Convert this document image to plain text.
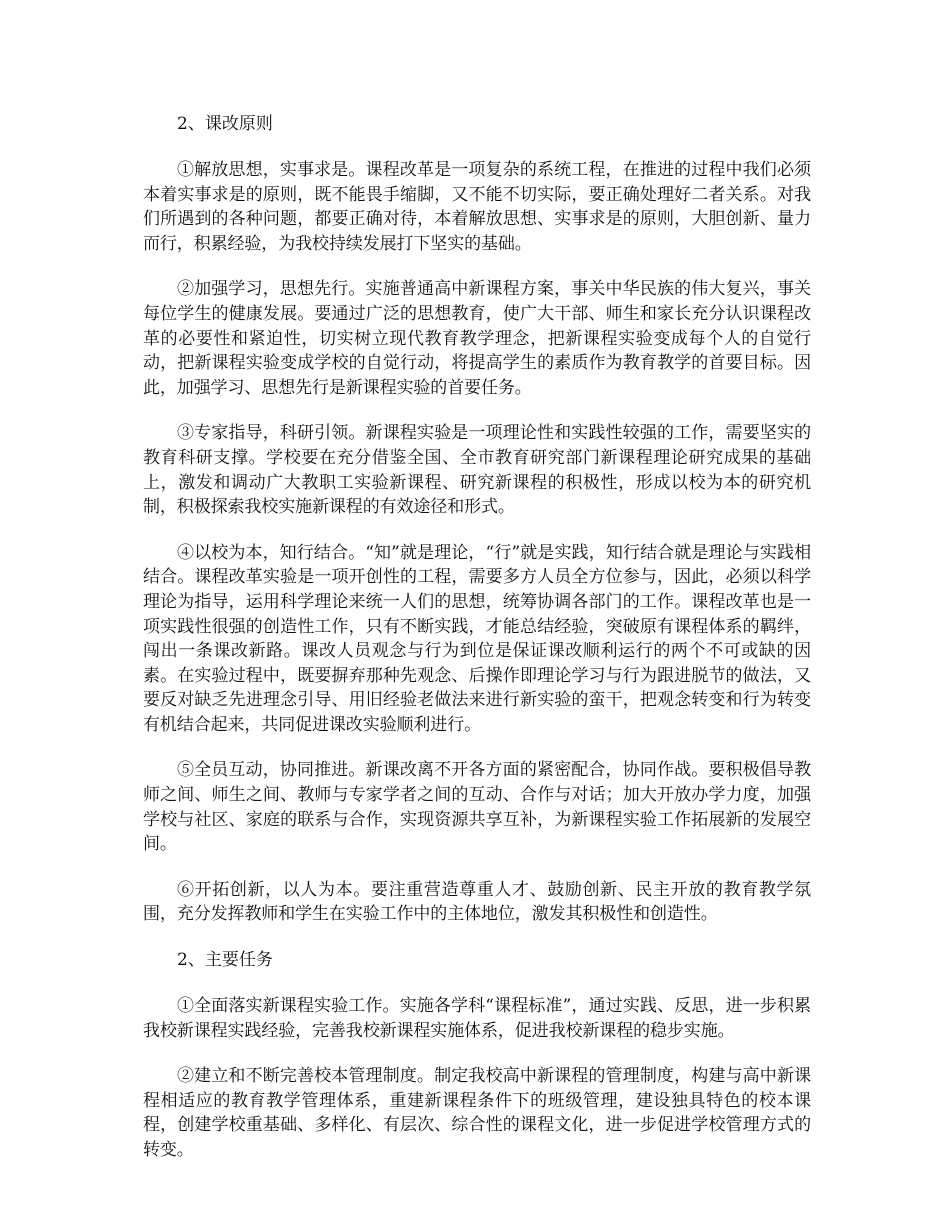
2、课改原则

①解放思想，实事求是。课程改革是一项复杂的系统工程，在推进的过程中我们必须本着实事求是的原则，既不能畏手缩脚，又不能不切实际，要正确处理好二者关系。对我们所遇到的各种问题，都要正确对待，本着解放思想、实事求是的原则，大胆创新、量力而行，积累经验，为我校持续发展打下坚实的基础。

②加强学习，思想先行。实施普通高中新课程方案，事关中华民族的伟大复兴，事关每位学生的健康发展。要通过广泛的思想教育，使广大干部、师生和家长充分认识课程改革的必要性和紧迫性，切实树立现代教育教学理念，把新课程实验变成每个人的自觉行动，把新课程实验变成学校的自觉行动，将提高学生的素质作为教育教学的首要目标。因此，加强学习、思想先行是新课程实验的首要任务。

③专家指导，科研引领。新课程实验是一项理论性和实践性较强的工作，需要坚实的教育科研支撑。学校要在充分借鉴全国、全市教育研究部门新课程理论研究成果的基础上，激发和调动广大教职工实验新课程、研究新课程的积极性，形成以校为本的研究机制，积极探索我校实施新课程的有效途径和形式。

④以校为本，知行结合。“知”就是理论，“行”就是实践，知行结合就是理论与实践相结合。课程改革实验是一项开创性的工程，需要多方人员全方位参与，因此，必须以科学理论为指导，运用科学理论来统一人们的思想，统筹协调各部门的工作。课程改革也是一项实践性很强的创造性工作，只有不断实践，才能总结经验，突破原有课程体系的羁绊，闯出一条课改新路。课改人员观念与行为到位是保证课改顺利运行的两个不可或缺的因素。在实验过程中，既要摒弃那种先观念、后操作即理论学习与行为跟进脱节的做法，又要反对缺乏先进理念引导、用旧经验老做法来进行新实验的蛮干，把观念转变和行为转变有机结合起来，共同促进课改实验顺利进行。

⑤全员互动，协同推进。新课改离不开各方面的紧密配合，协同作战。要积极倡导教师之间、师生之间、教师与专家学者之间的互动、合作与对话；加大开放办学力度，加强学校与社区、家庭的联系与合作，实现资源共享互补，为新课程实验工作拓展新的发展空间。

⑥开拓创新，以人为本。要注重营造尊重人才、鼓励创新、民主开放的教育教学氛围，充分发挥教师和学生在实验工作中的主体地位，激发其积极性和创造性。

2、主要任务

①全面落实新课程实验工作。实施各学科“课程标准”，通过实践、反思，进一步积累我校新课程实践经验，完善我校新课程实施体系，促进我校新课程的稳步实施。

②建立和不断完善校本管理制度。制定我校高中新课程的管理制度，构建与高中新课程相适应的教育教学管理体系，重建新课程条件下的班级管理，建设独具特色的校本课程，创建学校重基础、多样化、有层次、综合性的课程文化，进一步促进学校管理方式的转变。
